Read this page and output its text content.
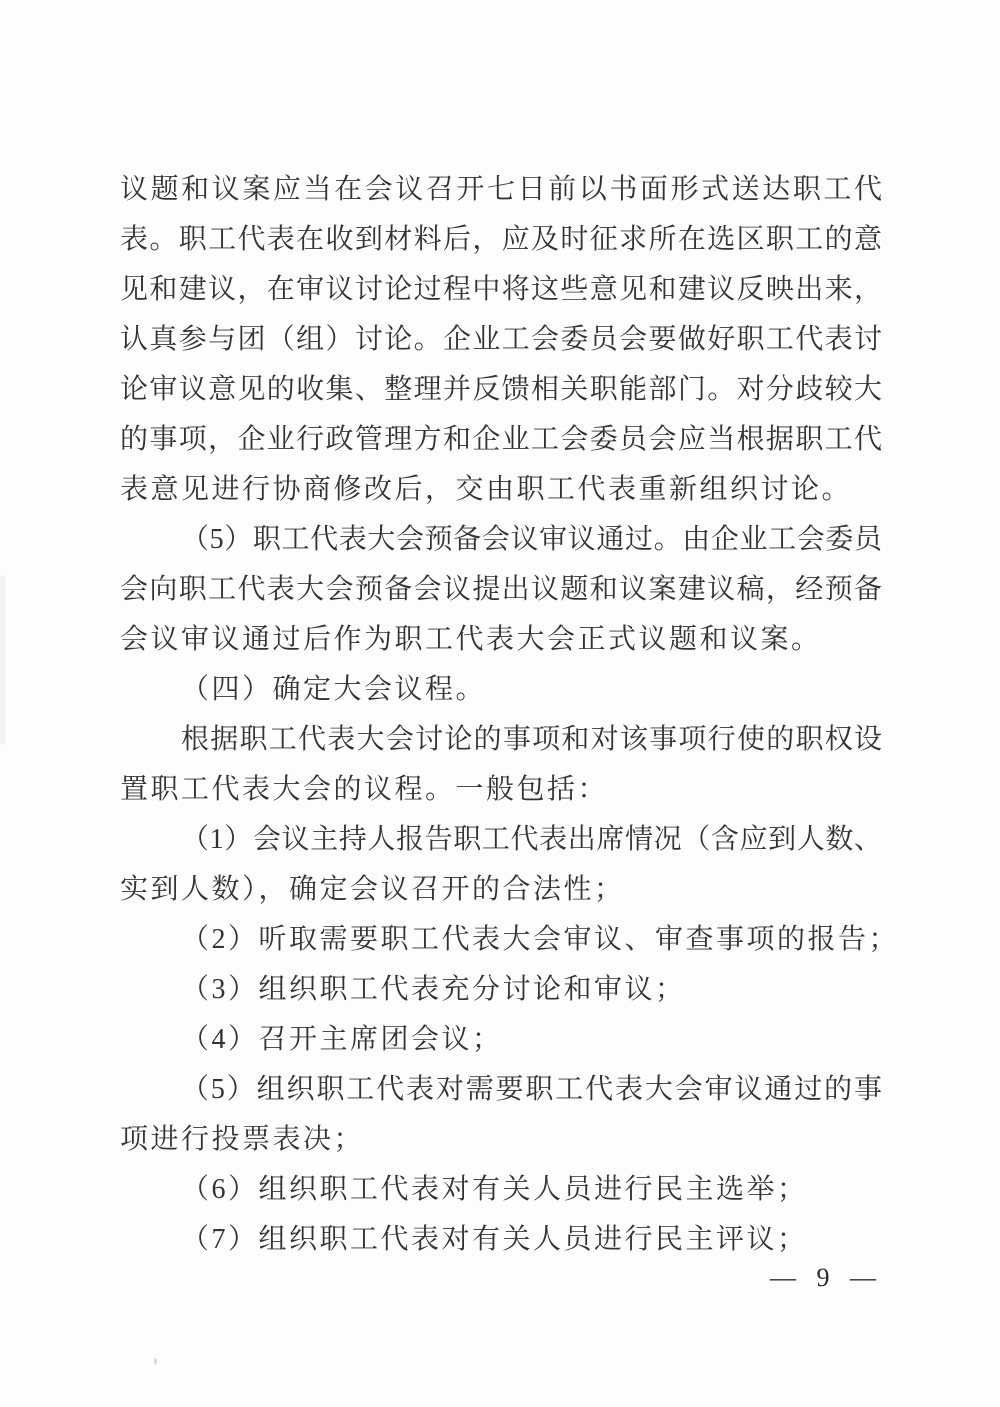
议题和议案应当在会议召开七日前以书面形式送达职工代
表。职工代表在收到材料后，应及时征求所在选区职工的意
见和建议，在审议讨论过程中将这些意见和建议反映出来，
认真参与团（组）讨论。企业工会委员会要做好职工代表讨
论审议意见的收集、整理并反馈相关职能部门。对分歧较大
的事项，企业行政管理方和企业工会委员会应当根据职工代
表意见进行协商修改后，交由职工代表重新组织讨论。
（5）职工代表大会预备会议审议通过。由企业工会委员
会向职工代表大会预备会议提出议题和议案建议稿，经预备
会议审议通过后作为职工代表大会正式议题和议案。
（四）确定大会议程。
根据职工代表大会讨论的事项和对该事项行使的职权设
置职工代表大会的议程。一般包括：
（1）会议主持人报告职工代表出席情况（含应到人数、
实到人数），确定会议召开的合法性；
（2）听取需要职工代表大会审议、审查事项的报告；
（3）组织职工代表充分讨论和审议；
（4）召开主席团会议；
（5）组织职工代表对需要职工代表大会审议通过的事
项进行投票表决；
（6）组织职工代表对有关人员进行民主选举；
（7）组织职工代表对有关人员进行民主评议；
— 9 —
